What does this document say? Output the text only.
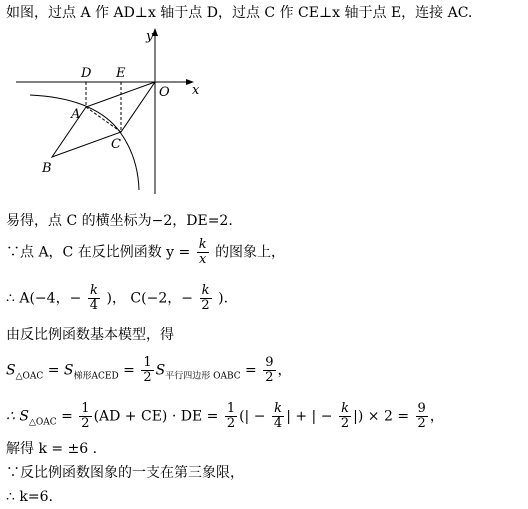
如图，过点 A 作 AD⊥x 轴于点 D，过点 C 作 CE⊥x 轴于点 E，连接 AC.
y
x
O
D E
A
C
B
易得，点 C 的横坐标为−2，DE=2.
∵点 A，C 在反比例函数 $y = \frac{k}{x}$ 的图象上，
∴ A(−4，− $\frac{k}{4}$ )， C(−2，− $\frac{k}{2}$ ).
由反比例函数基本模型，得
$S_{\triangle OAC} = S_{梯形ACED} = \frac{1}{2} S_{平行四边形 OABC} = \frac{9}{2}$ ，
∴ $S_{\triangle OAC} = \frac{1}{2} (AD + CE)$ · DE = $\frac{1}{2}$ (| − $\frac{k}{4}$ | + | − $\frac{k}{2}$ |) × $2 = \frac{9}{2}$ ，
解得 k = ±6 .
∵反比例函数图象的一支在第三象限，
∴ k=6.
